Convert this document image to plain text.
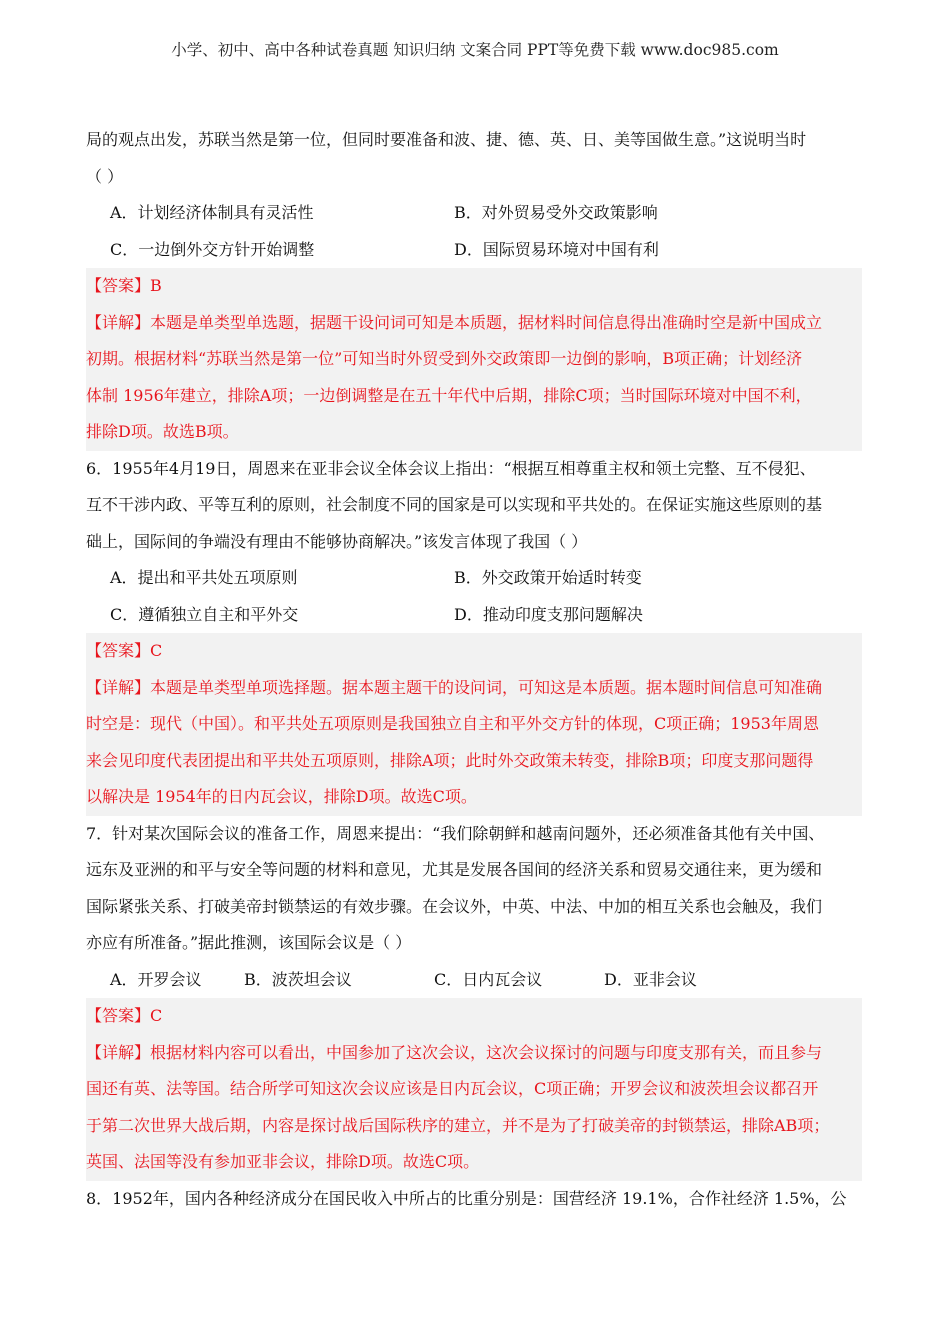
小学、初中、高中各种试卷真题 知识归纳 文案合同 PPT等免费下载 www.doc985.com
局的观点出发，苏联当然是第一位，但同时要准备和波、捷、德、英、日、美等国做生意。”这说明当时
（ ）
A．计划经济体制具有灵活性	B．对外贸易受外交政策影响
C．一边倒外交方针开始调整	D．国际贸易环境对中国有利
【答案】B
【详解】本题是单类型单选题，据题干设问词可知是本质题，据材料时间信息得出准确时空是新中国成立
初期。根据材料“苏联当然是第一位”可知当时外贸受到外交政策即一边倒的影响，B项正确；计划经济
体制 1956年建立，排除A项；一边倒调整是在五十年代中后期，排除C项；当时国际环境对中国不利，
排除D项。故选B项。
6．1955年4月19日，周恩来在亚非会议全体会议上指出：“根据互相尊重主权和领土完整、互不侵犯、
互不干涉内政、平等互利的原则，社会制度不同的国家是可以实现和平共处的。在保证实施这些原则的基
础上，国际间的争端没有理由不能够协商解决。”该发言体现了我国（ ）
A．提出和平共处五项原则	B．外交政策开始适时转变
C．遵循独立自主和平外交	D．推动印度支那问题解决
【答案】C
【详解】本题是单类型单项选择题。据本题主题干的设问词，可知这是本质题。据本题时间信息可知准确
时空是：现代（中国）。和平共处五项原则是我国独立自主和平外交方针的体现，C项正确；1953年周恩
来会见印度代表团提出和平共处五项原则，排除A项；此时外交政策未转变，排除B项；印度支那问题得
以解决是 1954年的日内瓦会议，排除D项。故选C项。
7．针对某次国际会议的准备工作，周恩来提出：“我们除朝鲜和越南问题外，还必须准备其他有关中国、
远东及亚洲的和平与安全等问题的材料和意见，尤其是发展各国间的经济关系和贸易交通往来，更为缓和
国际紧张关系、打破美帝封锁禁运的有效步骤。在会议外，中英、中法、中加的相互关系也会触及，我们
亦应有所准备。”据此推测，该国际会议是（ ）
A．开罗会议	B．波茨坦会议	C．日内瓦会议	D．亚非会议
【答案】C
【详解】根据材料内容可以看出，中国参加了这次会议，这次会议探讨的问题与印度支那有关，而且参与
国还有英、法等国。结合所学可知这次会议应该是日内瓦会议，C项正确；开罗会议和波茨坦会议都召开
于第二次世界大战后期，内容是探讨战后国际秩序的建立，并不是为了打破美帝的封锁禁运，排除AB项；
英国、法国等没有参加亚非会议，排除D项。故选C项。
8．1952年，国内各种经济成分在国民收入中所占的比重分别是：国营经济 19.1%，合作社经济 1.5%，公
